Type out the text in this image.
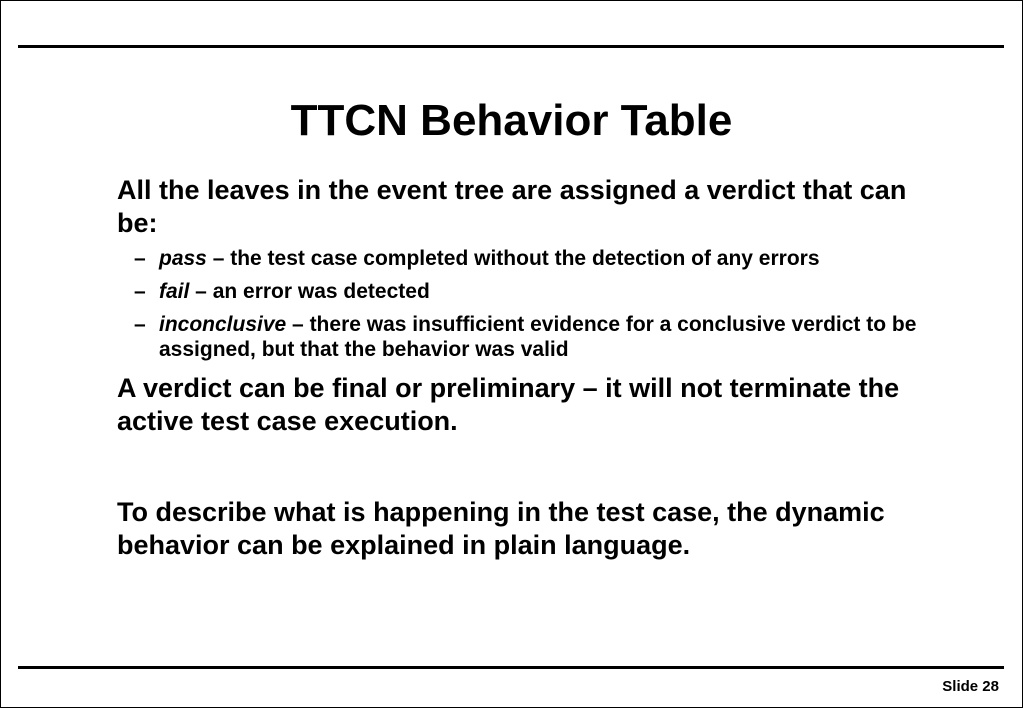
TTCN Behavior Table

All the leaves in the event tree are assigned a verdict that can be:

– pass – the test case completed without the detection of any errors
– fail – an error was detected
– inconclusive – there was insufficient evidence for a conclusive verdict to be assigned, but that the behavior was valid

A verdict can be final or preliminary – it will not terminate the active test case execution.

To describe what is happening in the test case, the dynamic behavior can be explained in plain language.

Slide 28
